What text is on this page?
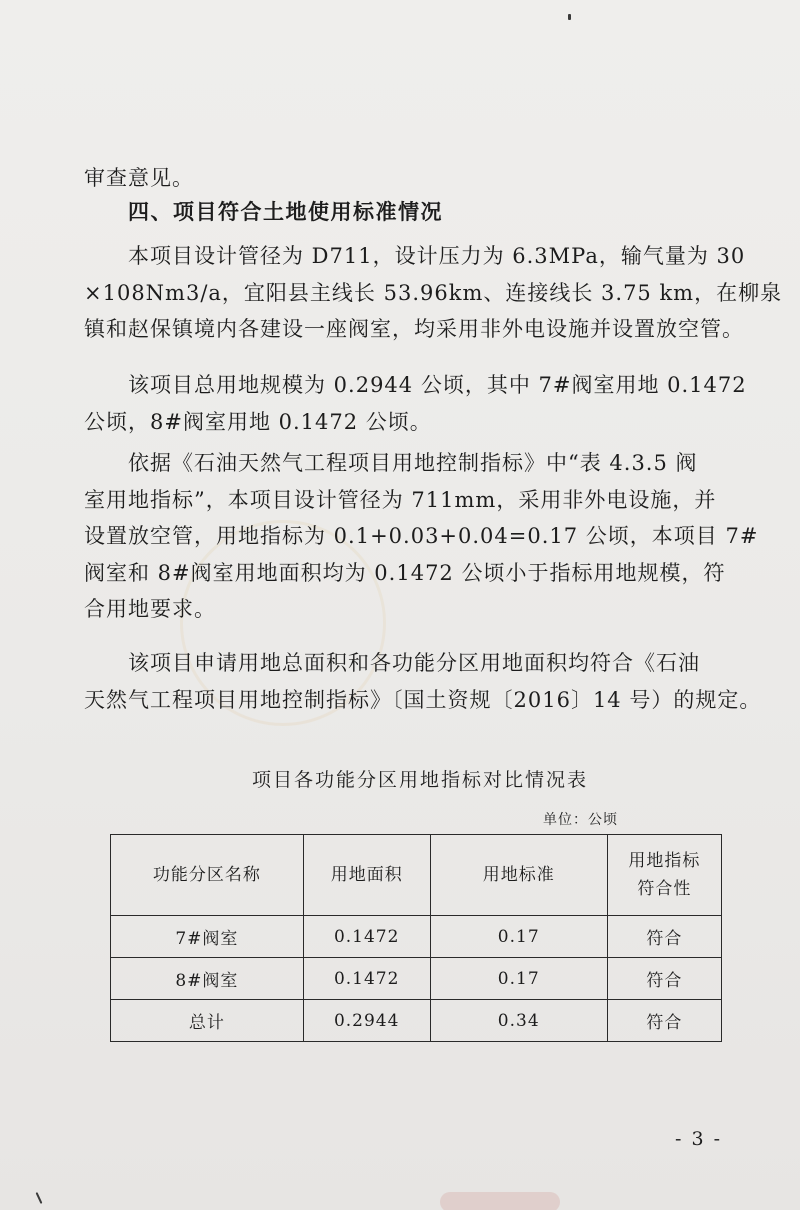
审查意见。

四、项目符合土地使用标准情况

本项目设计管径为 D711，设计压力为 6.3MPa，输气量为 30
×108Nm3/a，宜阳县主线长 53.96km、连接线长 3.75 km，在柳泉
镇和赵保镇境内各建设一座阀室，均采用非外电设施并设置放空管。

该项目总用地规模为 0.2944 公顷，其中 7#阀室用地 0.1472
公顷，8#阀室用地 0.1472 公顷。

依据《石油天然气工程项目用地控制指标》中“表 4.3.5 阀
室用地指标”，本项目设计管径为 711mm，采用非外电设施，并
设置放空管，用地指标为 0.1+0.03+0.04=0.17 公顷，本项目 7#
阀室和 8#阀室用地面积均为 0.1472 公顷小于指标用地规模，符
合用地要求。

该项目申请用地总面积和各功能分区用地面积均符合《石油
天然气工程项目用地控制指标》〔国土资规〔2016〕14 号）的规定。

项目各功能分区用地指标对比情况表
单位：公顷
功能分区名称	用地面积	用地标准	用地指标
符合性
7#阀室	0.1472	0.17	符合
8#阀室	0.1472	0.17	符合
总计	0.2944	0.34	符合
- 3 -
